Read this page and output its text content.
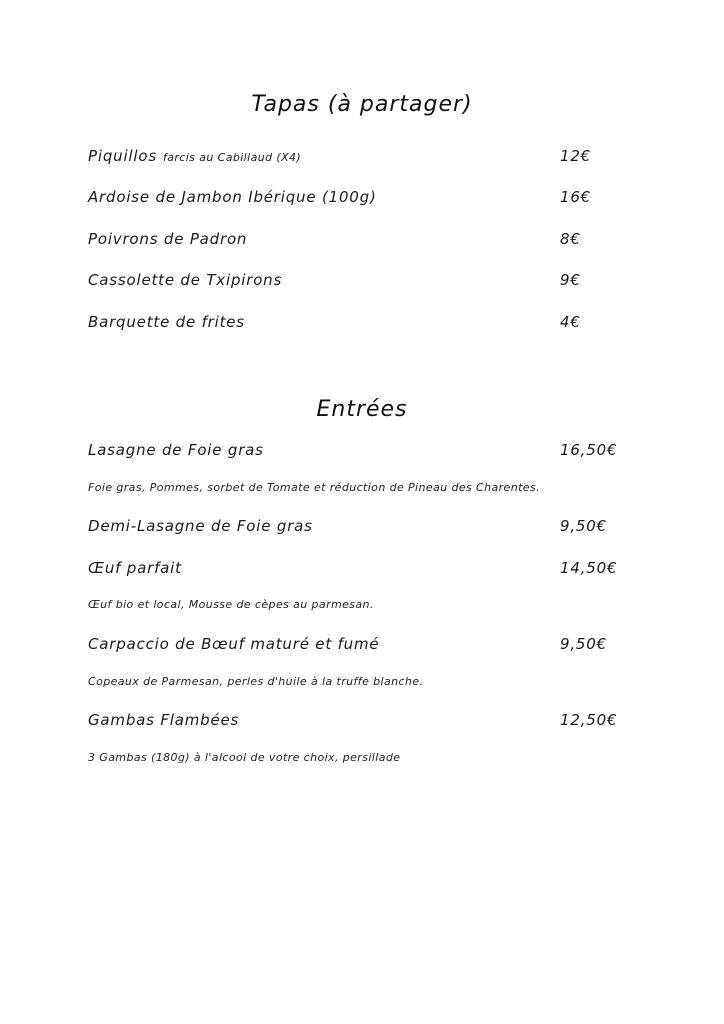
Tapas (à partager)
Piquillos farcis au Cabillaud (X4)	12€
Ardoise de Jambon Ibérique (100g)	16€
Poivrons de Padron	8€
Cassolette de Txipirons	9€
Barquette de frites	4€
Entrées
Lasagne de Foie gras	16,50€
Foie gras, Pommes, sorbet de Tomate et réduction de Pineau des Charentes.
Demi-Lasagne de Foie gras	9,50€
Œuf parfait	14,50€
Œuf bio et local, Mousse de cèpes au parmesan.
Carpaccio de Bœuf maturé et fumé	9,50€
Copeaux de Parmesan, perles d'huile à la truffe blanche.
Gambas Flambées	12,50€
3 Gambas (180g) à l'alcool de votre choix, persillade
